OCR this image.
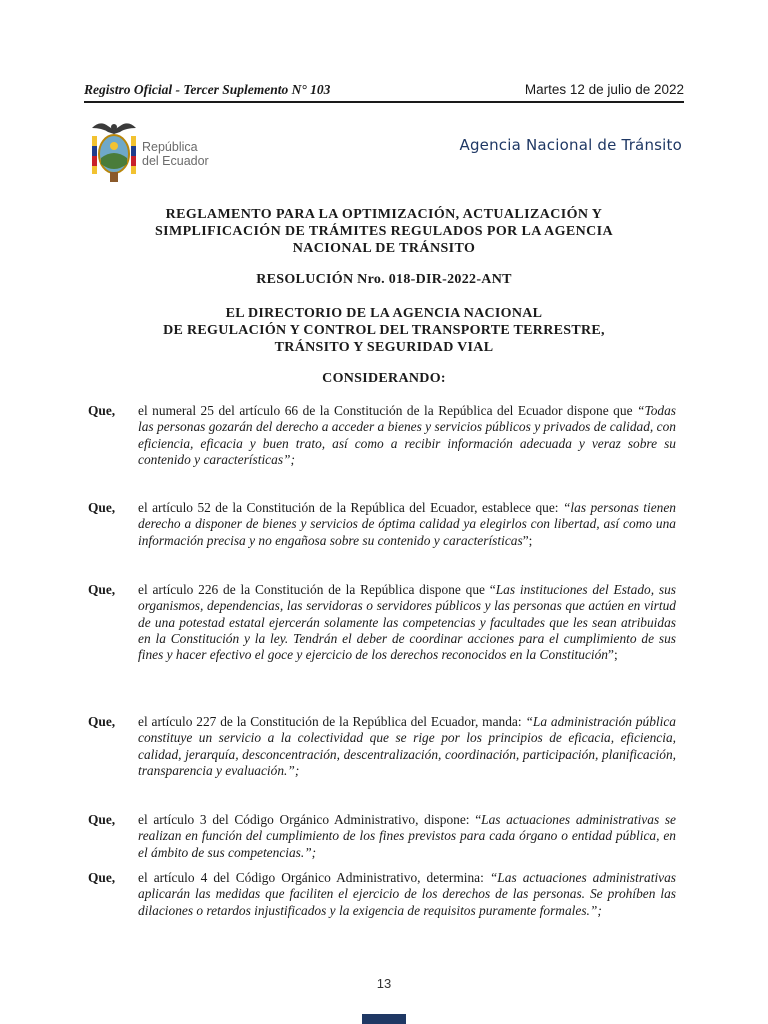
Registro Oficial - Tercer Suplemento N° 103	Martes 12 de julio de 2022
República
del Ecuador
Agencia Nacional de Tránsito
REGLAMENTO PARA LA OPTIMIZACIÓN, ACTUALIZACIÓN Y
SIMPLIFICACIÓN DE TRÁMITES REGULADOS POR LA AGENCIA
NACIONAL DE TRÁNSITO
RESOLUCIÓN Nro. 018-DIR-2022-ANT
EL DIRECTORIO DE LA AGENCIA NACIONAL
DE REGULACIÓN Y CONTROL DEL TRANSPORTE TERRESTRE,
TRÁNSITO Y SEGURIDAD VIAL
CONSIDERANDO:
Que, el numeral 25 del artículo 66 de la Constitución de la República del Ecuador dispone que “Todas las personas gozarán del derecho a acceder a bienes y servicios públicos y privados de calidad, con eficiencia, eficacia y buen trato, así como a recibir información adecuada y veraz sobre su contenido y características”;
Que, el artículo 52 de la Constitución de la República del Ecuador, establece que: “las personas tienen derecho a disponer de bienes y servicios de óptima calidad ya elegirlos con libertad, así como una información precisa y no engañosa sobre su contenido y características”;
Que, el artículo 226 de la Constitución de la República dispone que “Las instituciones del Estado, sus organismos, dependencias, las servidoras o servidores públicos y las personas que actúen en virtud de una potestad estatal ejercerán solamente las competencias y facultades que les sean atribuidas en la Constitución y la ley. Tendrán el deber de coordinar acciones para el cumplimiento de sus fines y hacer efectivo el goce y ejercicio de los derechos reconocidos en la Constitución”;
Que, el artículo 227 de la Constitución de la República del Ecuador, manda: “La administración pública constituye un servicio a la colectividad que se rige por los principios de eficacia, eficiencia, calidad, jerarquía, desconcentración, descentralización, coordinación, participación, planificación, transparencia y evaluación.”;
Que, el artículo 3 del Código Orgánico Administrativo, dispone: “Las actuaciones administrativas se realizan en función del cumplimiento de los fines previstos para cada órgano o entidad pública, en el ámbito de sus competencias.”;
Que, el artículo 4 del Código Orgánico Administrativo, determina: “Las actuaciones administrativas aplicarán las medidas que faciliten el ejercicio de los derechos de las personas. Se prohíben las dilaciones o retardos injustificados y la exigencia de requisitos puramente formales.”;
13
